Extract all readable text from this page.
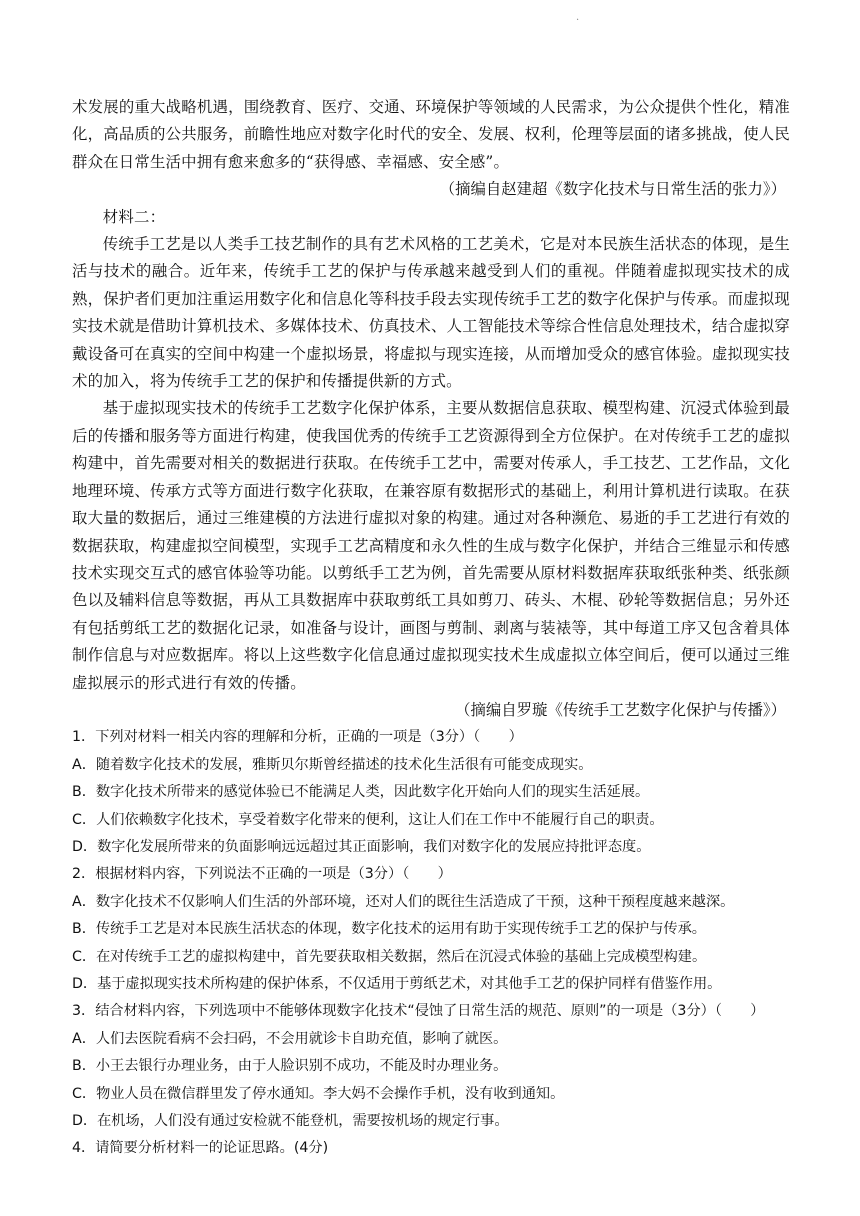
.

术发展的重大战略机遇，围绕教育、医疗、交通、环境保护等领域的人民需求，为公众提供个性化，精准化，高品质的公共服务，前瞻性地应对数字化时代的安全、发展、权利，伦理等层面的诸多挑战，使人民群众在日常生活中拥有愈来愈多的“获得感、幸福感、安全感”。

（摘编自赵建超《数字化技术与日常生活的张力》）

材料二：

传统手工艺是以人类手工技艺制作的具有艺术风格的工艺美术，它是对本民族生活状态的体现，是生活与技术的融合。近年来，传统手工艺的保护与传承越来越受到人们的重视。伴随着虚拟现实技术的成熟，保护者们更加注重运用数字化和信息化等科技手段去实现传统手工艺的数字化保护与传承。而虚拟现实技术就是借助计算机技术、多媒体技术、仿真技术、人工智能技术等综合性信息处理技术，结合虚拟穿戴设备可在真实的空间中构建一个虚拟场景，将虚拟与现实连接，从而增加受众的感官体验。虚拟现实技术的加入，将为传统手工艺的保护和传播提供新的方式。

基于虚拟现实技术的传统手工艺数字化保护体系，主要从数据信息获取、模型构建、沉浸式体验到最后的传播和服务等方面进行构建，使我国优秀的传统手工艺资源得到全方位保护。在对传统手工艺的虚拟构建中，首先需要对相关的数据进行获取。在传统手工艺中，需要对传承人，手工技艺、工艺作品，文化地理环境、传承方式等方面进行数字化获取，在兼容原有数据形式的基础上，利用计算机进行读取。在获取大量的数据后，通过三维建模的方法进行虚拟对象的构建。通过对各种濒危、易逝的手工艺进行有效的数据获取，构建虚拟空间模型，实现手工艺高精度和永久性的生成与数字化保护，并结合三维显示和传感技术实现交互式的感官体验等功能。以剪纸手工艺为例，首先需要从原材料数据库获取纸张种类、纸张颜色以及辅料信息等数据，再从工具数据库中获取剪纸工具如剪刀、砖头、木棍、砂轮等数据信息；另外还有包括剪纸工艺的数据化记录，如准备与设计，画图与剪制、剥离与装裱等，其中每道工序又包含着具体制作信息与对应数据库。将以上这些数字化信息通过虚拟现实技术生成虚拟立体空间后，便可以通过三维虚拟展示的形式进行有效的传播。

（摘编自罗璇《传统手工艺数字化保护与传播》）

1．下列对材料一相关内容的理解和分析，正确的一项是（3分）（　　）

A．随着数字化技术的发展，雅斯贝尔斯曾经描述的技术化生活很有可能变成现实。

B．数字化技术所带来的感觉体验已不能满足人类，因此数字化开始向人们的现实生活延展。

C．人们依赖数字化技术，享受着数字化带来的便利，这让人们在工作中不能履行自己的职责。

D．数字化发展所带来的负面影响远远超过其正面影响，我们对数字化的发展应持批评态度。

2．根据材料内容，下列说法不正确的一项是（3分）（　　）

A．数字化技术不仅影响人们生活的外部环境，还对人们的既往生活造成了干预，这种干预程度越来越深。

B．传统手工艺是对本民族生活状态的体现，数字化技术的运用有助于实现传统手工艺的保护与传承。

C．在对传统手工艺的虚拟构建中，首先要获取相关数据，然后在沉浸式体验的基础上完成模型构建。

D．基于虚拟现实技术所构建的保护体系，不仅适用于剪纸艺术，对其他手工艺的保护同样有借鉴作用。

3．结合材料内容，下列选项中不能够体现数字化技术“侵蚀了日常生活的规范、原则”的一项是（3分）（　　）

A．人们去医院看病不会扫码，不会用就诊卡自助充值，影响了就医。

B．小王去银行办理业务，由于人脸识别不成功，不能及时办理业务。

C．物业人员在微信群里发了停水通知。李大妈不会操作手机，没有收到通知。

D．在机场，人们没有通过安检就不能登机，需要按机场的规定行事。

4．请简要分析材料一的论证思路。(4分)
